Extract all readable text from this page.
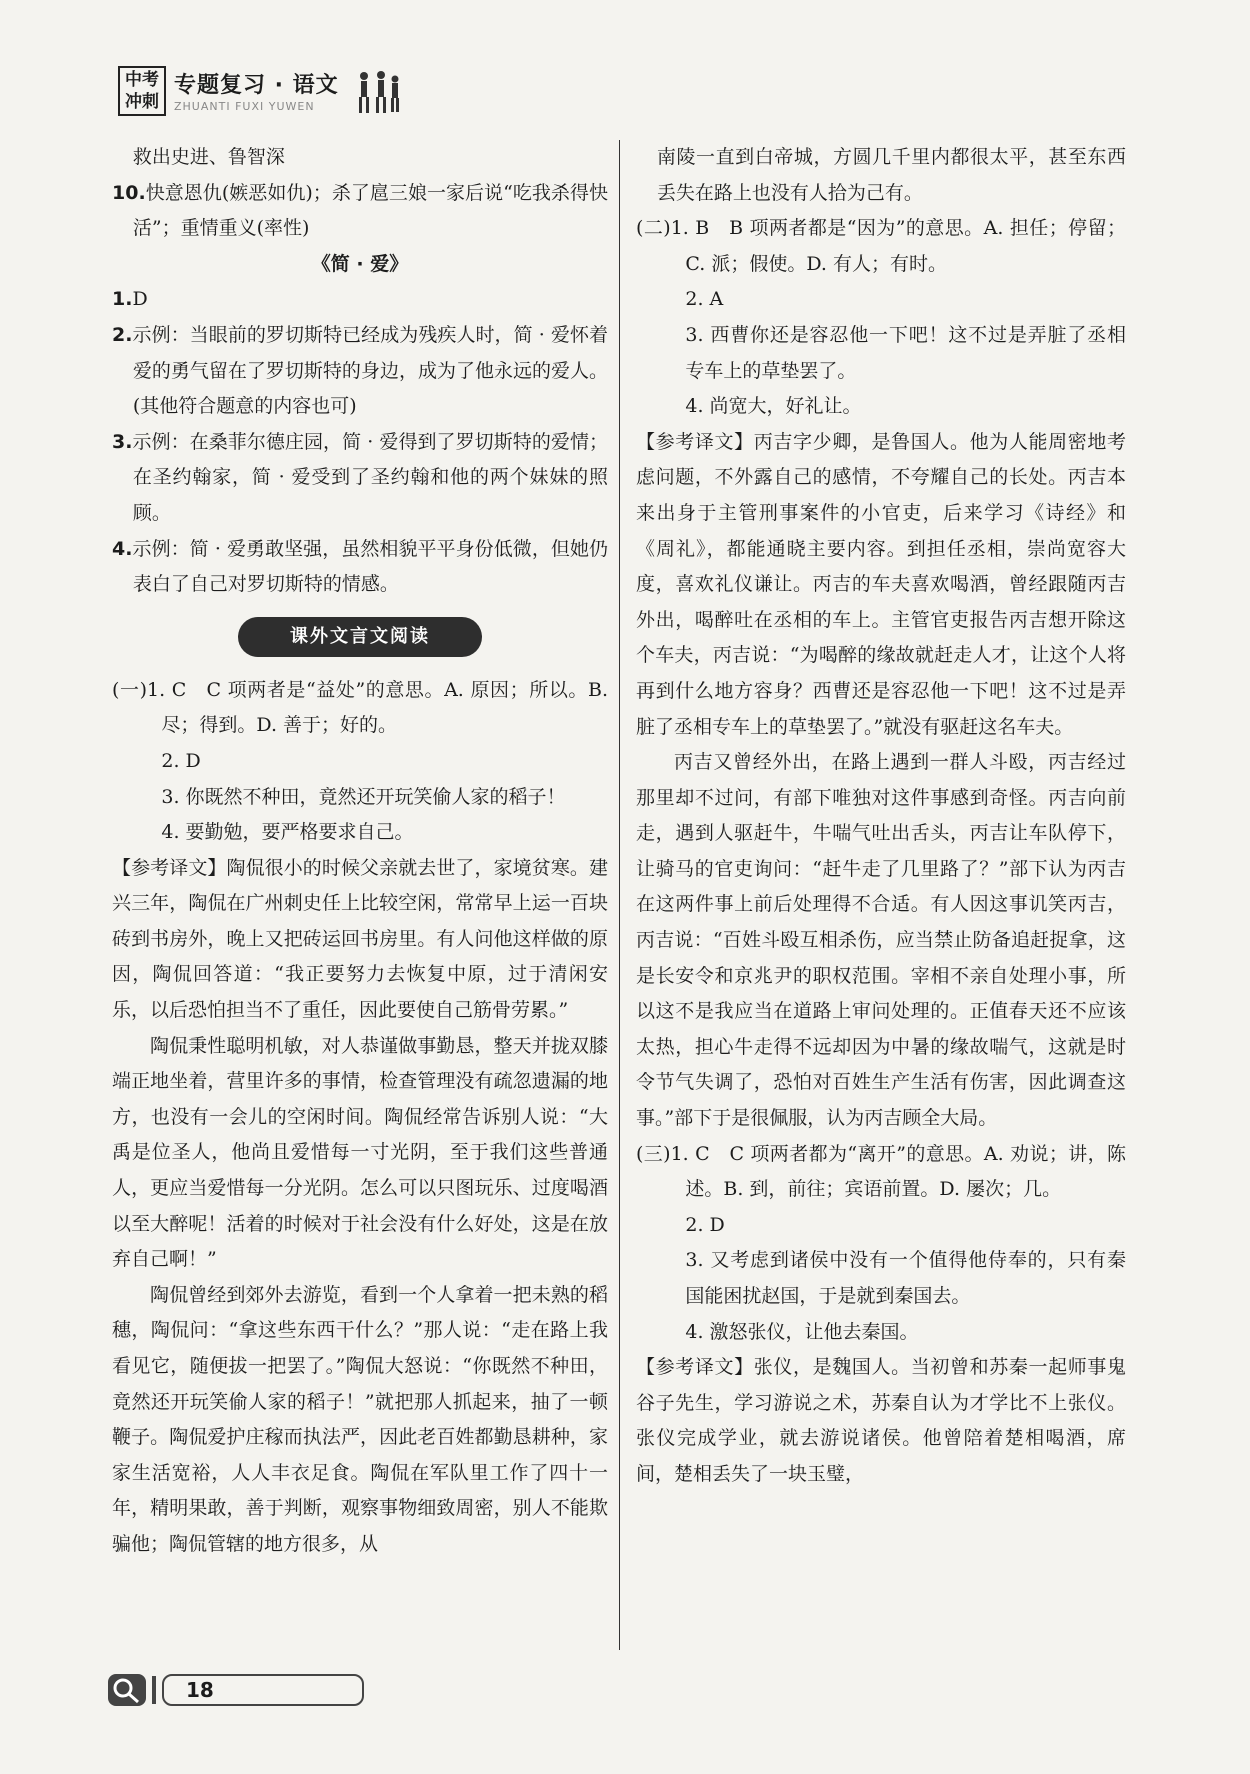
中考
冲刺
专题复习 · 语文
ZHUANTI FUXI YUWEN

救出史进、鲁智深

10.快意恩仇(嫉恶如仇)；杀了扈三娘一家后说“吃我杀得快活”；重情重义(率性)

《简 · 爱》

1.D

2.示例：当眼前的罗切斯特已经成为残疾人时，简 · 爱怀着爱的勇气留在了罗切斯特的身边，成为了他永远的爱人。(其他符合题意的内容也可)

3.示例：在桑菲尔德庄园，简 · 爱得到了罗切斯特的爱情；在圣约翰家，简 · 爱受到了圣约翰和他的两个妹妹的照顾。

4.示例：简 · 爱勇敢坚强，虽然相貌平平身份低微，但她仍表白了自己对罗切斯特的情感。

课外文言文阅读

(一)1. C　C 项两者是“益处”的意思。A. 原因；所以。B. 尽；得到。D. 善于；好的。

2. D

3. 你既然不种田，竟然还开玩笑偷人家的稻子！

4. 要勤勉，要严格要求自己。

【参考译文】陶侃很小的时候父亲就去世了，家境贫寒。建兴三年，陶侃在广州刺史任上比较空闲，常常早上运一百块砖到书房外，晚上又把砖运回书房里。有人问他这样做的原因，陶侃回答道：“我正要努力去恢复中原，过于清闲安乐，以后恐怕担当不了重任，因此要使自己筋骨劳累。”

陶侃秉性聪明机敏，对人恭谨做事勤恳，整天并拢双膝端正地坐着，营里许多的事情，检查管理没有疏忽遗漏的地方，也没有一会儿的空闲时间。陶侃经常告诉别人说：“大禹是位圣人，他尚且爱惜每一寸光阴，至于我们这些普通人，更应当爱惜每一分光阴。怎么可以只图玩乐、过度喝酒以至大醉呢！活着的时候对于社会没有什么好处，这是在放弃自己啊！”

陶侃曾经到郊外去游览，看到一个人拿着一把未熟的稻穗，陶侃问：“拿这些东西干什么？”那人说：“走在路上我看见它，随便拔一把罢了。”陶侃大怒说：“你既然不种田，竟然还开玩笑偷人家的稻子！”就把那人抓起来，抽了一顿鞭子。陶侃爱护庄稼而执法严，因此老百姓都勤恳耕种，家家生活宽裕，人人丰衣足食。陶侃在军队里工作了四十一年，精明果敢，善于判断，观察事物细致周密，别人不能欺骗他；陶侃管辖的地方很多，从

南陵一直到白帝城，方圆几千里内都很太平，甚至东西丢失在路上也没有人拾为己有。

(二)1. B　B 项两者都是“因为”的意思。A. 担任；停留；C. 派；假使。D. 有人；有时。

2. A

3. 西曹你还是容忍他一下吧！这不过是弄脏了丞相专车上的草垫罢了。

4. 尚宽大，好礼让。

【参考译文】丙吉字少卿，是鲁国人。他为人能周密地考虑问题，不外露自己的感情，不夸耀自己的长处。丙吉本来出身于主管刑事案件的小官吏，后来学习《诗经》和《周礼》，都能通晓主要内容。到担任丞相，崇尚宽容大度，喜欢礼仪谦让。丙吉的车夫喜欢喝酒，曾经跟随丙吉外出，喝醉吐在丞相的车上。主管官吏报告丙吉想开除这个车夫，丙吉说：“为喝醉的缘故就赶走人才，让这个人将再到什么地方容身？西曹还是容忍他一下吧！这不过是弄脏了丞相专车上的草垫罢了。”就没有驱赶这名车夫。

丙吉又曾经外出，在路上遇到一群人斗殴，丙吉经过那里却不过问，有部下唯独对这件事感到奇怪。丙吉向前走，遇到人驱赶牛，牛喘气吐出舌头，丙吉让车队停下，让骑马的官吏询问：“赶牛走了几里路了？”部下认为丙吉在这两件事上前后处理得不合适。有人因这事讥笑丙吉，丙吉说：“百姓斗殴互相杀伤，应当禁止防备追赶捉拿，这是长安令和京兆尹的职权范围。宰相不亲自处理小事，所以这不是我应当在道路上审问处理的。正值春天还不应该太热，担心牛走得不远却因为中暑的缘故喘气，这就是时令节气失调了，恐怕对百姓生产生活有伤害，因此调查这事。”部下于是很佩服，认为丙吉顾全大局。

(三)1. C　C 项两者都为“离开”的意思。A. 劝说；讲，陈述。B. 到，前往；宾语前置。D. 屡次；几。

2. D

3. 又考虑到诸侯中没有一个值得他侍奉的，只有秦国能困扰赵国，于是就到秦国去。

4. 激怒张仪，让他去秦国。

【参考译文】张仪，是魏国人。当初曾和苏秦一起师事鬼谷子先生，学习游说之术，苏秦自认为才学比不上张仪。张仪完成学业，就去游说诸侯。他曾陪着楚相喝酒，席间，楚相丢失了一块玉璧，

18
